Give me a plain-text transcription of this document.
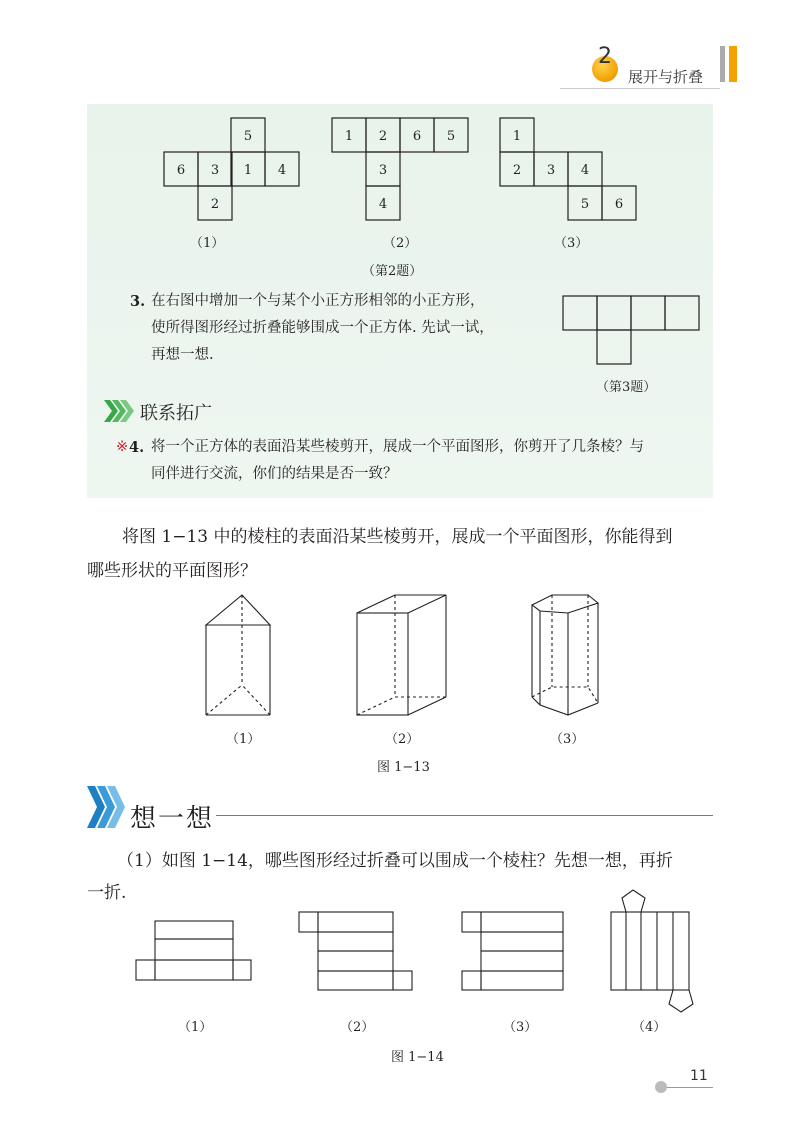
2
展开与折叠
5
6 3 1 4
2
1 2 6 5
3
4
1
2 3 4
5 6
（1）	（2）	（3）
（第2题）
3. 在右图中增加一个与某个小正方形相邻的小正方形，
使所得图形经过折叠能够围成一个正方体. 先试一试，
再想一想.
（第3题）
联系拓广
※ 4. 将一个正方体的表面沿某些棱剪开，展成一个平面图形，你剪开了几条棱？与
同伴进行交流，你们的结果是否一致？
将图 1−13 中的棱柱的表面沿某些棱剪开，展成一个平面图形，你能得到
哪些形状的平面图形？
（1）	（2）	（3）
图 1−13
想一想
（1）如图 1−14，哪些图形经过折叠可以围成一个棱柱？先想一想，再折
一折.
（1）	（2）	（3）	（4）
图 1−14
11
